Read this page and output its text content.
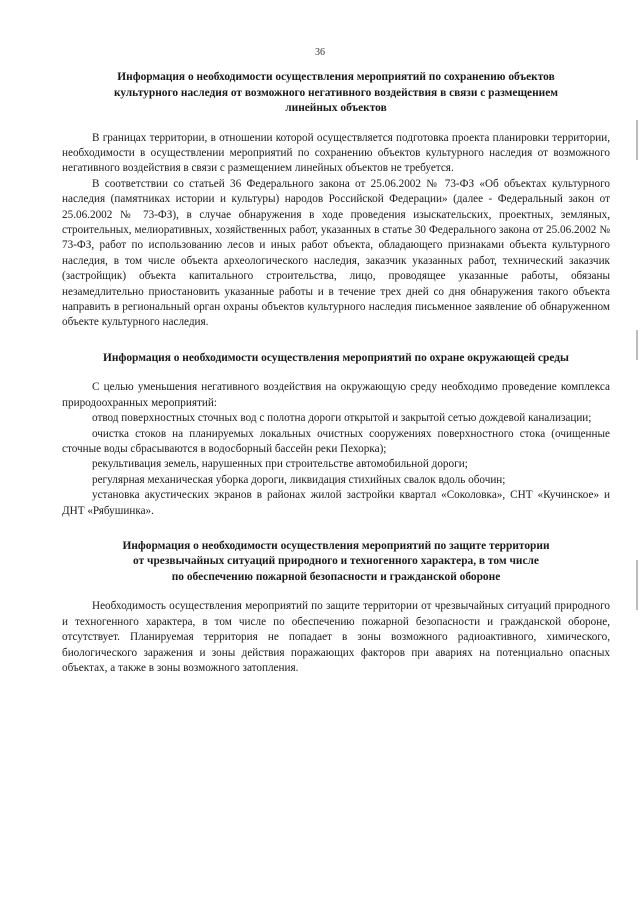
36
Информация о необходимости осуществления мероприятий по сохранению объектов
культурного наследия от возможного негативного воздействия в связи с размещением
линейных объектов

В границах территории, в отношении которой осуществляется подготовка проекта планировки территории, необходимости в осуществлении мероприятий по сохранению объектов культурного наследия от возможного негативного воздействия в связи с размещением линейных объектов не требуется.

В соответствии со статьей 36 Федерального закона от 25.06.2002 № 73-ФЗ «Об объектах культурного наследия (памятниках истории и культуры) народов Российской Федерации» (далее - Федеральный закон от 25.06.2002 № 73-ФЗ), в случае обнаружения в ходе проведения изыскательских, проектных, земляных, строительных, мелиоративных, хозяйственных работ, указанных в статье 30 Федерального закона от 25.06.2002 № 73-ФЗ, работ по использованию лесов и иных работ объекта, обладающего признаками объекта культурного наследия, в том числе объекта археологического наследия, заказчик указанных работ, технический заказчик (застройщик) объекта капитального строительства, лицо, проводящее указанные работы, обязаны незамедлительно приостановить указанные работы и в течение трех дней со дня обнаружения такого объекта направить в региональный орган охраны объектов культурного наследия письменное заявление об обнаруженном объекте культурного наследия.

Информация о необходимости осуществления мероприятий по охране окружающей среды

С целью уменьшения негативного воздействия на окружающую среду необходимо проведение комплекса природоохранных мероприятий:

отвод поверхностных сточных вод с полотна дороги открытой и закрытой сетью дождевой канализации;

очистка стоков на планируемых локальных очистных сооружениях поверхностного стока (очищенные сточные воды сбрасываются в водосборный бассейн реки Пехорка);

рекультивация земель, нарушенных при строительстве автомобильной дороги;

регулярная механическая уборка дороги, ликвидация стихийных свалок вдоль обочин;

установка акустических экранов в районах жилой застройки квартал «Соколовка», СНТ «Кучинское» и ДНТ «Рябушинка».

Информация о необходимости осуществления мероприятий по защите территории
от чрезвычайных ситуаций природного и техногенного характера, в том числе
по обеспечению пожарной безопасности и гражданской обороне

Необходимость осуществления мероприятий по защите территории от чрезвычайных ситуаций природного и техногенного характера, в том числе по обеспечению пожарной безопасности и гражданской обороне, отсутствует. Планируемая территория не попадает в зоны возможного радиоактивного, химического, биологического заражения и зоны действия поражающих факторов при авариях на потенциально опасных объектах, а также в зоны возможного затопления.
